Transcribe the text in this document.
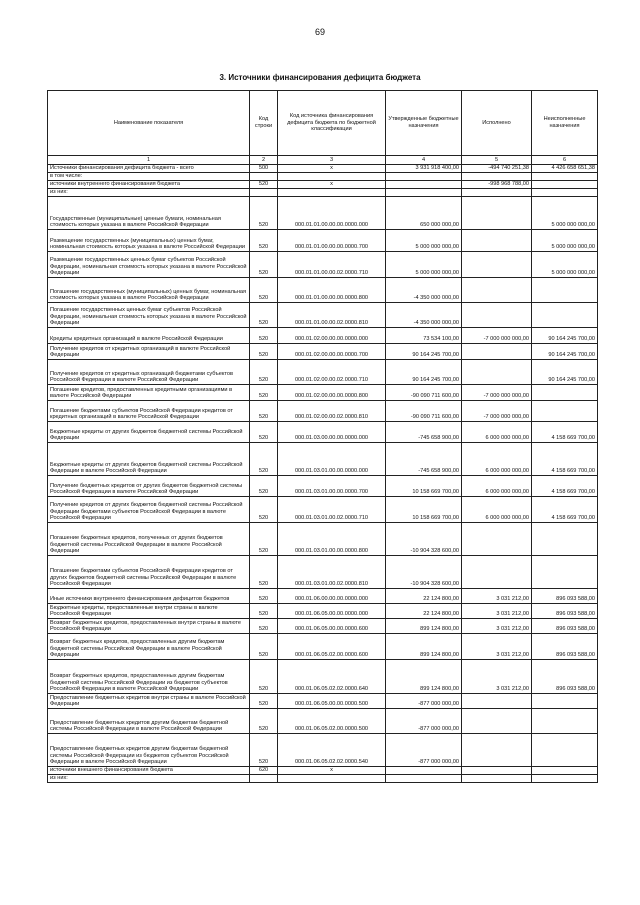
69
3. Источники финансирования дефицита бюджета
Наименование показателя	Код строки	Код источника финансирования дефицита бюджета по бюджетной классификации	Утвержденные бюджетные назначения	Исполнено	Неисполненные назначения
1	2	3	4	5	6
Источники финансирования дефицита бюджета - всего	500	x	3 931 918 400,00	-494 740 251,38	4 426 658 651,38
в том числе:					
источники внутреннего финансирования бюджета	520	x		-998 968 788,00	
из них:					
Государственные (муниципальные) ценные бумаги, номинальная стоимость которых указана в валюте Российской Федерации	520	000.01.01.00.00.00.0000.000	650 000 000,00		5 000 000 000,00
Размещение государственных (муниципальных) ценных бумаг, номинальная стоимость которых указана в валюте Российской Федерации	520	000.01.01.00.00.00.0000.700	5 000 000 000,00		5 000 000 000,00
Размещение государственных ценных бумаг субъектов Российской Федерации, номинальная стоимость которых указана в валюте Российской Федерации	520	000.01.01.00.00.02.0000.710	5 000 000 000,00		5 000 000 000,00
Погашение государственных (муниципальных) ценных бумаг, номинальная стоимость которых указана в валюте Российской Федерации	520	000.01.01.00.00.00.0000.800	-4 350 000 000,00		
Погашение государственных ценных бумаг субъектов Российской Федерации, номинальная стоимость которых указана в валюте Российской Федерации	520	000.01.01.00.00.02.0000.810	-4 350 000 000,00		
Кредиты кредитных организаций в валюте Российской Федерации	520	000.01.02.00.00.00.0000.000	73 534 100,00	-7 000 000 000,00	90 164 245 700,00
Получение кредитов от кредитных организаций в валюте Российской Федерации	520	000.01.02.00.00.00.0000.700	90 164 245 700,00		90 164 245 700,00
Получение кредитов от кредитных организаций бюджетами субъектов Российской Федерации в валюте Российской Федерации	520	000.01.02.00.00.02.0000.710	90 164 245 700,00		90 164 245 700,00
Погашение кредитов, предоставленных кредитными организациями в валюте Российской Федерации	520	000.01.02.00.00.00.0000.800	-90 090 711 600,00	-7 000 000 000,00	
Погашение бюджетами субъектов Российской Федерации кредитов от кредитных организаций в валюте Российской Федерации	520	000.01.02.00.00.02.0000.810	-90 090 711 600,00	-7 000 000 000,00	
Бюджетные кредиты от других бюджетов бюджетной системы Российской Федерации	520	000.01.03.00.00.00.0000.000	-745 658 900,00	6 000 000 000,00	4 158 669 700,00
Бюджетные кредиты от других бюджетов бюджетной системы Российской Федерации в валюте Российской Федерации	520	000.01.03.01.00.00.0000.000	-745 658 900,00	6 000 000 000,00	4 158 669 700,00
Получение бюджетных кредитов от других бюджетов бюджетной системы Российской Федерации в валюте Российской Федерации	520	000.01.03.01.00.00.0000.700	10 158 669 700,00	6 000 000 000,00	4 158 669 700,00
Получение кредитов от других бюджетов бюджетной системы Российской Федерации бюджетами субъектов Российской Федерации в валюте Российской Федерации	520	000.01.03.01.00.02.0000.710	10 158 669 700,00	6 000 000 000,00	4 158 669 700,00
Погашение бюджетных кредитов, полученных от других бюджетов бюджетной системы Российской Федерации в валюте Российской Федерации	520	000.01.03.01.00.00.0000.800	-10 904 328 600,00		
Погашение бюджетами субъектов Российской Федерации кредитов от других бюджетов бюджетной системы Российской Федерации в валюте Российской Федерации	520	000.01.03.01.00.02.0000.810	-10 904 328 600,00		
Иные источники внутреннего финансирования дефицитов бюджетов	520	000.01.06.00.00.00.0000.000	22 124 800,00	3 031 212,00	896 093 588,00
Бюджетные кредиты, предоставленные внутри страны в валюте Российской Федерации	520	000.01.06.05.00.00.0000.000	22 124 800,00	3 031 212,00	896 093 588,00
Возврат бюджетных кредитов, предоставленных внутри страны в валюте Российской Федерации	520	000.01.06.05.00.00.0000.600	899 124 800,00	3 031 212,00	896 093 588,00
Возврат бюджетных кредитов, предоставленных другим бюджетам бюджетной системы Российской Федерации в валюте Российской Федерации	520	000.01.06.05.02.00.0000.600	899 124 800,00	3 031 212,00	896 093 588,00
Возврат бюджетных кредитов, предоставленных другим бюджетам бюджетной системы Российской Федерации из бюджетов субъектов Российской Федерации в валюте Российской Федерации	520	000.01.06.05.02.02.0000.640	899 124 800,00	3 031 212,00	896 093 588,00
Предоставление бюджетных кредитов внутри страны в валюте Российской Федерации	520	000.01.06.05.00.00.0000.500	-877 000 000,00		
Предоставление бюджетных кредитов другим бюджетам бюджетной системы Российской Федерации в валюте Российской Федерации	520	000.01.06.05.02.00.0000.500	-877 000 000,00		
Предоставление бюджетных кредитов другим бюджетам бюджетной системы Российской Федерации из бюджетов субъектов Российской Федерации в валюте Российской Федерации	520	000.01.06.05.02.02.0000.540	-877 000 000,00		
источники внешнего финансирования бюджета	620	x			
из них:					
